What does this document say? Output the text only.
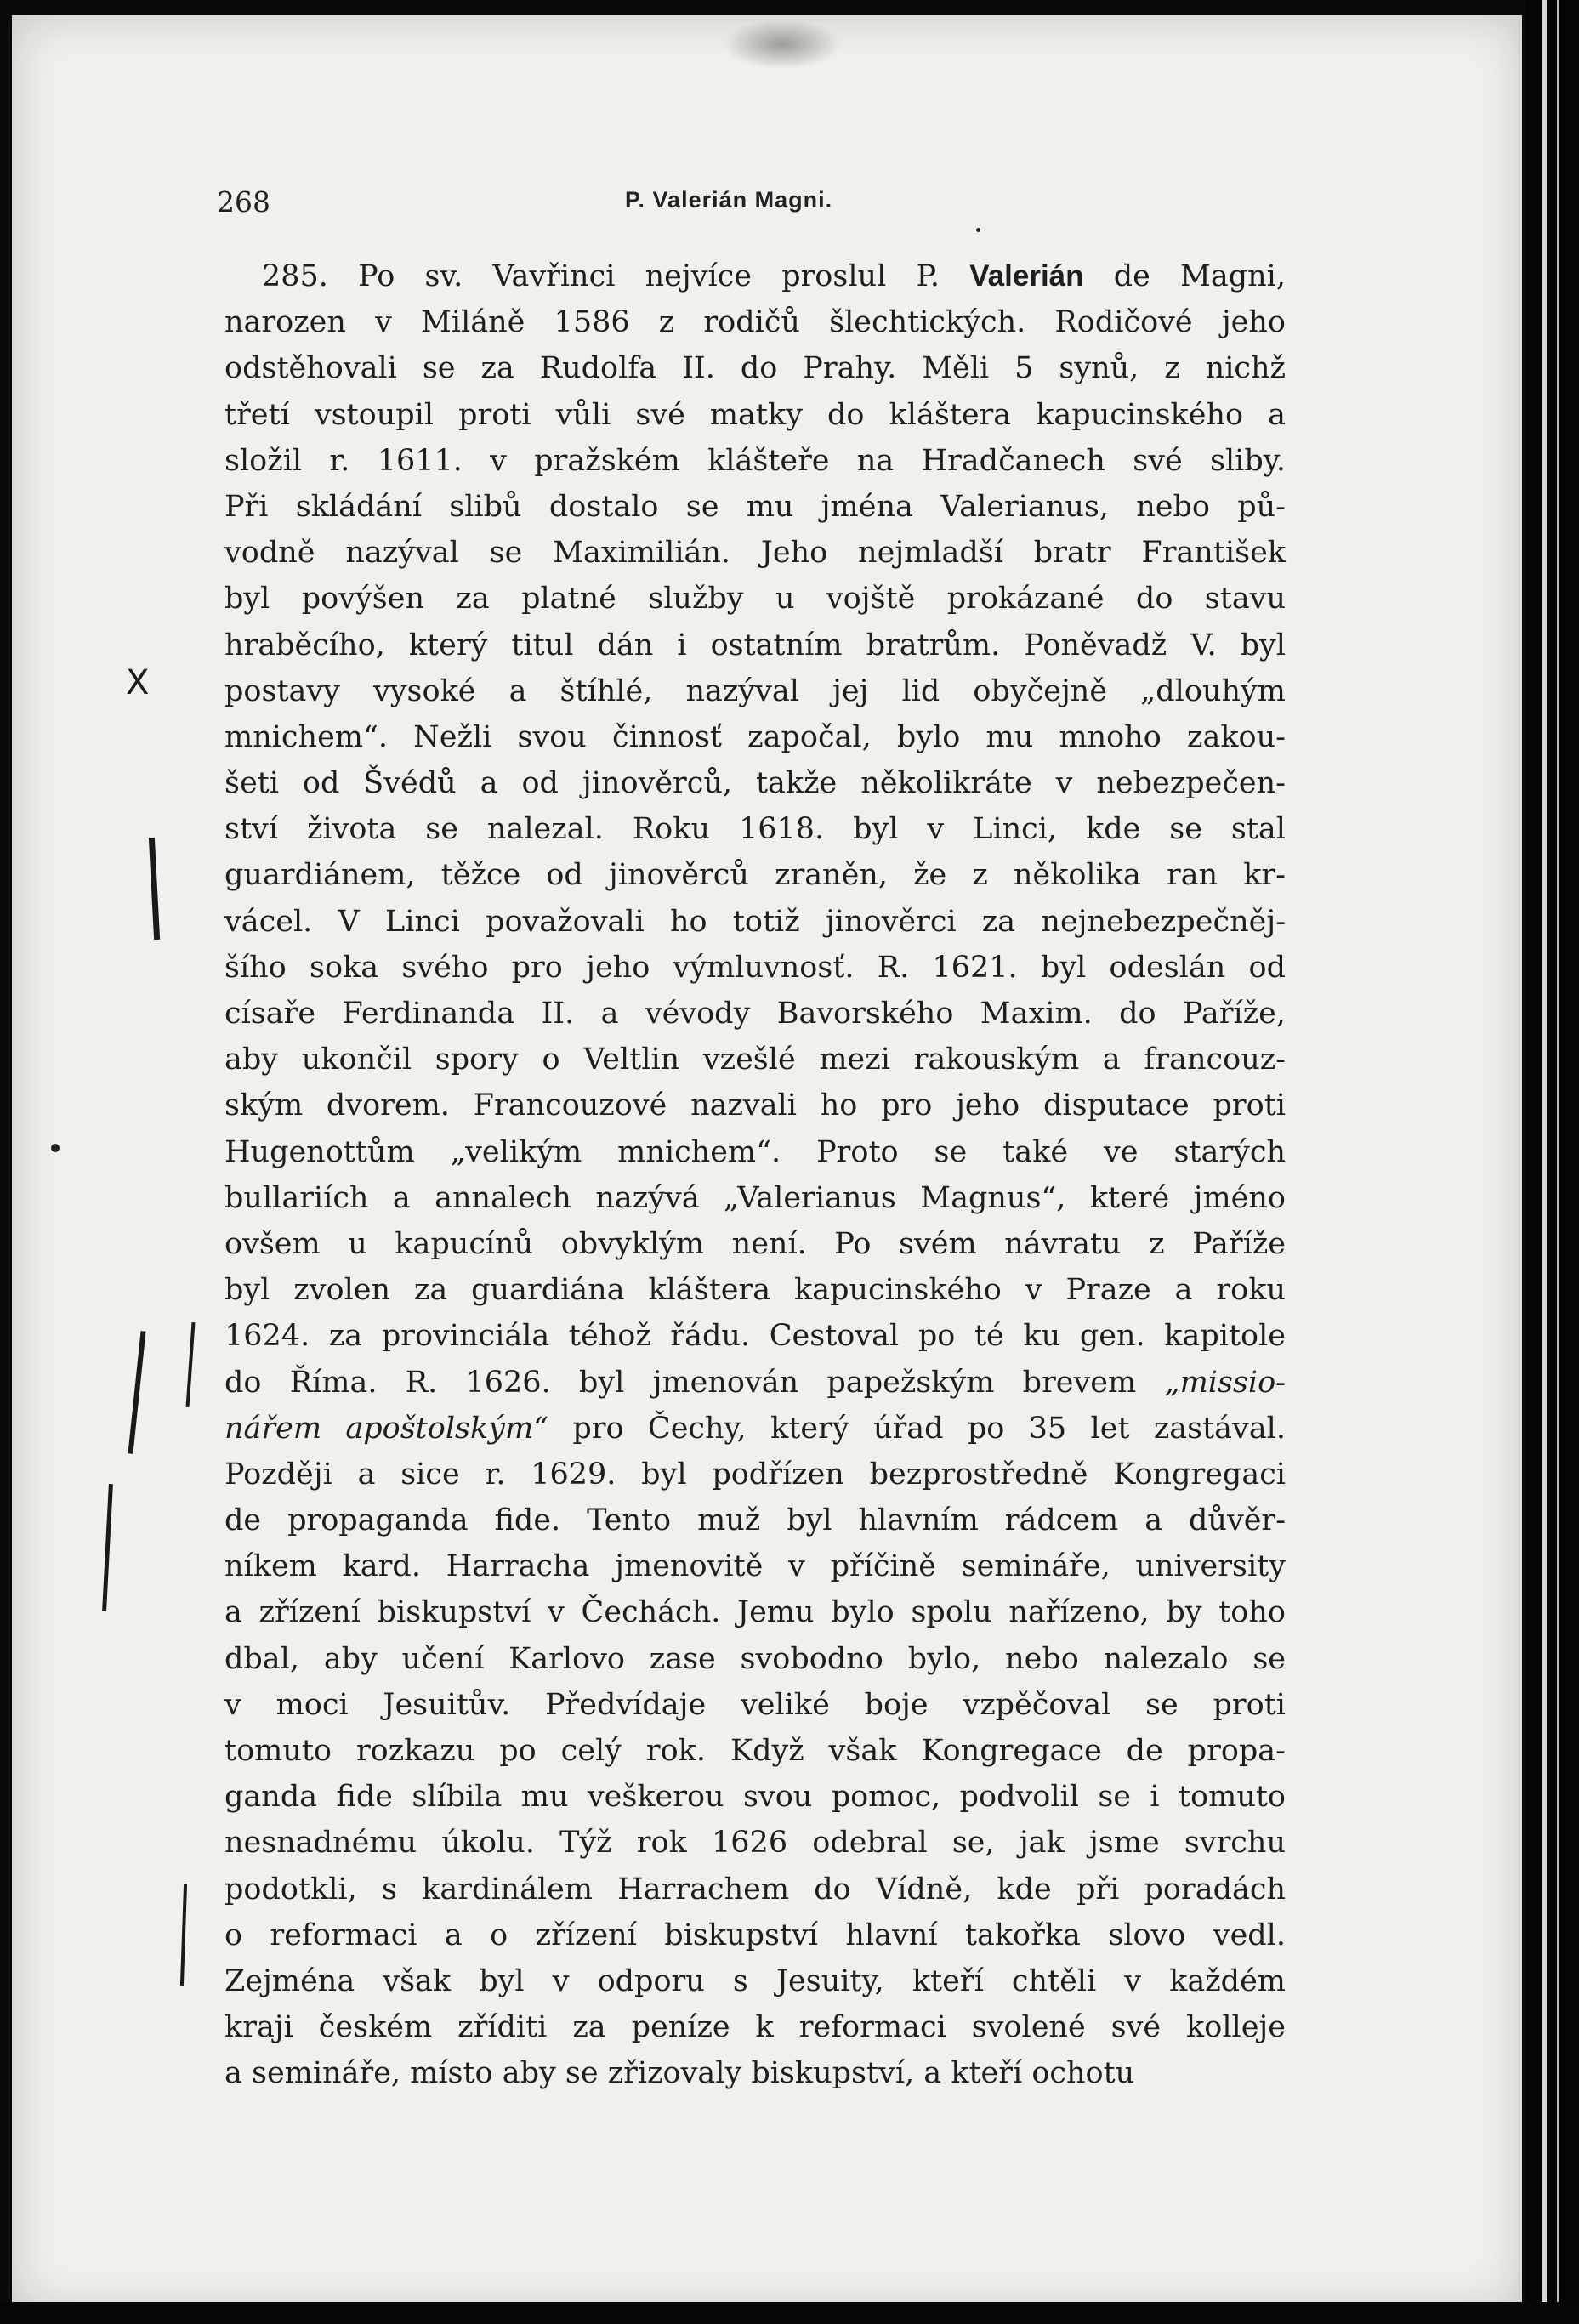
268	P. Valerián Magni.
X
285. Po sv. Vavřinci nejvíce proslul P. Valerián de Magni,
narozen v Miláně 1586 z rodičů šlechtických. Rodičové jeho
odstěhovali se za Rudolfa II. do Prahy. Měli 5 synů, z nichž
třetí vstoupil proti vůli své matky do kláštera kapucinského a
složil r. 1611. v pražském klášteře na Hradčanech své sliby.
Při skládání slibů dostalo se mu jména Valerianus, nebo pů-
vodně nazýval se Maximilián. Jeho nejmladší bratr František
byl povýšen za platné služby u vojště prokázané do stavu
hraběcího, který titul dán i ostatním bratrům. Poněvadž V. byl
postavy vysoké a štíhlé, nazýval jej lid obyčejně „dlouhým
mnichem“. Nežli svou činnosť započal, bylo mu mnoho zakou-
šeti od Švédů a od jinověrců, takže několikráte v nebezpečen-
ství života se nalezal. Roku 1618. byl v Linci, kde se stal
guardiánem, těžce od jinověrců zraněn, že z několika ran kr-
vácel. V Linci považovali ho totiž jinověrci za nejnebezpečněj-
šího soka svého pro jeho výmluvnosť. R. 1621. byl odeslán od
císaře Ferdinanda II. a vévody Bavorského Maxim. do Paříže,
aby ukončil spory o Veltlin vzešlé mezi rakouským a francouz-
ským dvorem. Francouzové nazvali ho pro jeho disputace proti
Hugenottům „velikým mnichem“. Proto se také ve starých
bullariích a annalech nazývá „Valerianus Magnus“, které jméno
ovšem u kapucínů obvyklým není. Po svém návratu z Paříže
byl zvolen za guardiána kláštera kapucinského v Praze a roku
1624. za provinciála téhož řádu. Cestoval po té ku gen. kapitole
do Říma. R. 1626. byl jmenován papežským brevem „missio-
nářem apoštolským“ pro Čechy, který úřad po 35 let zastával.
Později a sice r. 1629. byl podřízen bezprostředně Kongregaci
de propaganda fide. Tento muž byl hlavním rádcem a důvěr-
níkem kard. Harracha jmenovitě v příčině semináře, university
a zřízení biskupství v Čechách. Jemu bylo spolu nařízeno, by toho
dbal, aby učení Karlovo zase svobodno bylo, nebo nalezalo se
v moci Jesuitův. Předvídaje veliké boje vzpěčoval se proti
tomuto rozkazu po celý rok. Když však Kongregace de propa-
ganda fide slíbila mu veškerou svou pomoc, podvolil se i tomuto
nesnadnému úkolu. Týž rok 1626 odebral se, jak jsme svrchu
podotkli, s kardinálem Harrachem do Vídně, kde při poradách
o reformaci a o zřízení biskupství hlavní takořka slovo vedl.
Zejména však byl v odporu s Jesuity, kteří chtěli v každém
kraji českém zříditi za peníze k reformaci svolené své kolleje
a semináře, místo aby se zřizovaly biskupství, a kteří ochotu
